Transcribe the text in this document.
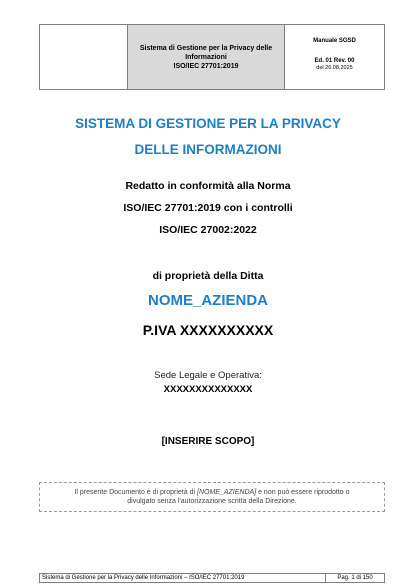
Sistema di Gestione per la Privacy delle
Informazioni
ISO/IEC 27701:2019
Manuale SGSD
Ed. 01 Rev. 00
del 26.08.2025
SISTEMA DI GESTIONE PER LA PRIVACY
DELLE INFORMAZIONI
Redatto in conformità alla Norma
ISO/IEC 27701:2019 con i controlli
ISO/IEC 27002:2022
di proprietà della Ditta
NOME_AZIENDA
P.IVA XXXXXXXXXX
Sede Legale e Operativa:
XXXXXXXXXXXXXX
[INSERIRE SCOPO]
Il presente Documento è di proprietà di [NOME_AZIENDA] e non può essere riprodotto o
divulgato senza l'autorizzazione scritta della Direzione.
Sistema di Gestione per la Privacy delle Informazioni – ISO/IEC 27701:2019	Pag. 1 di 150
